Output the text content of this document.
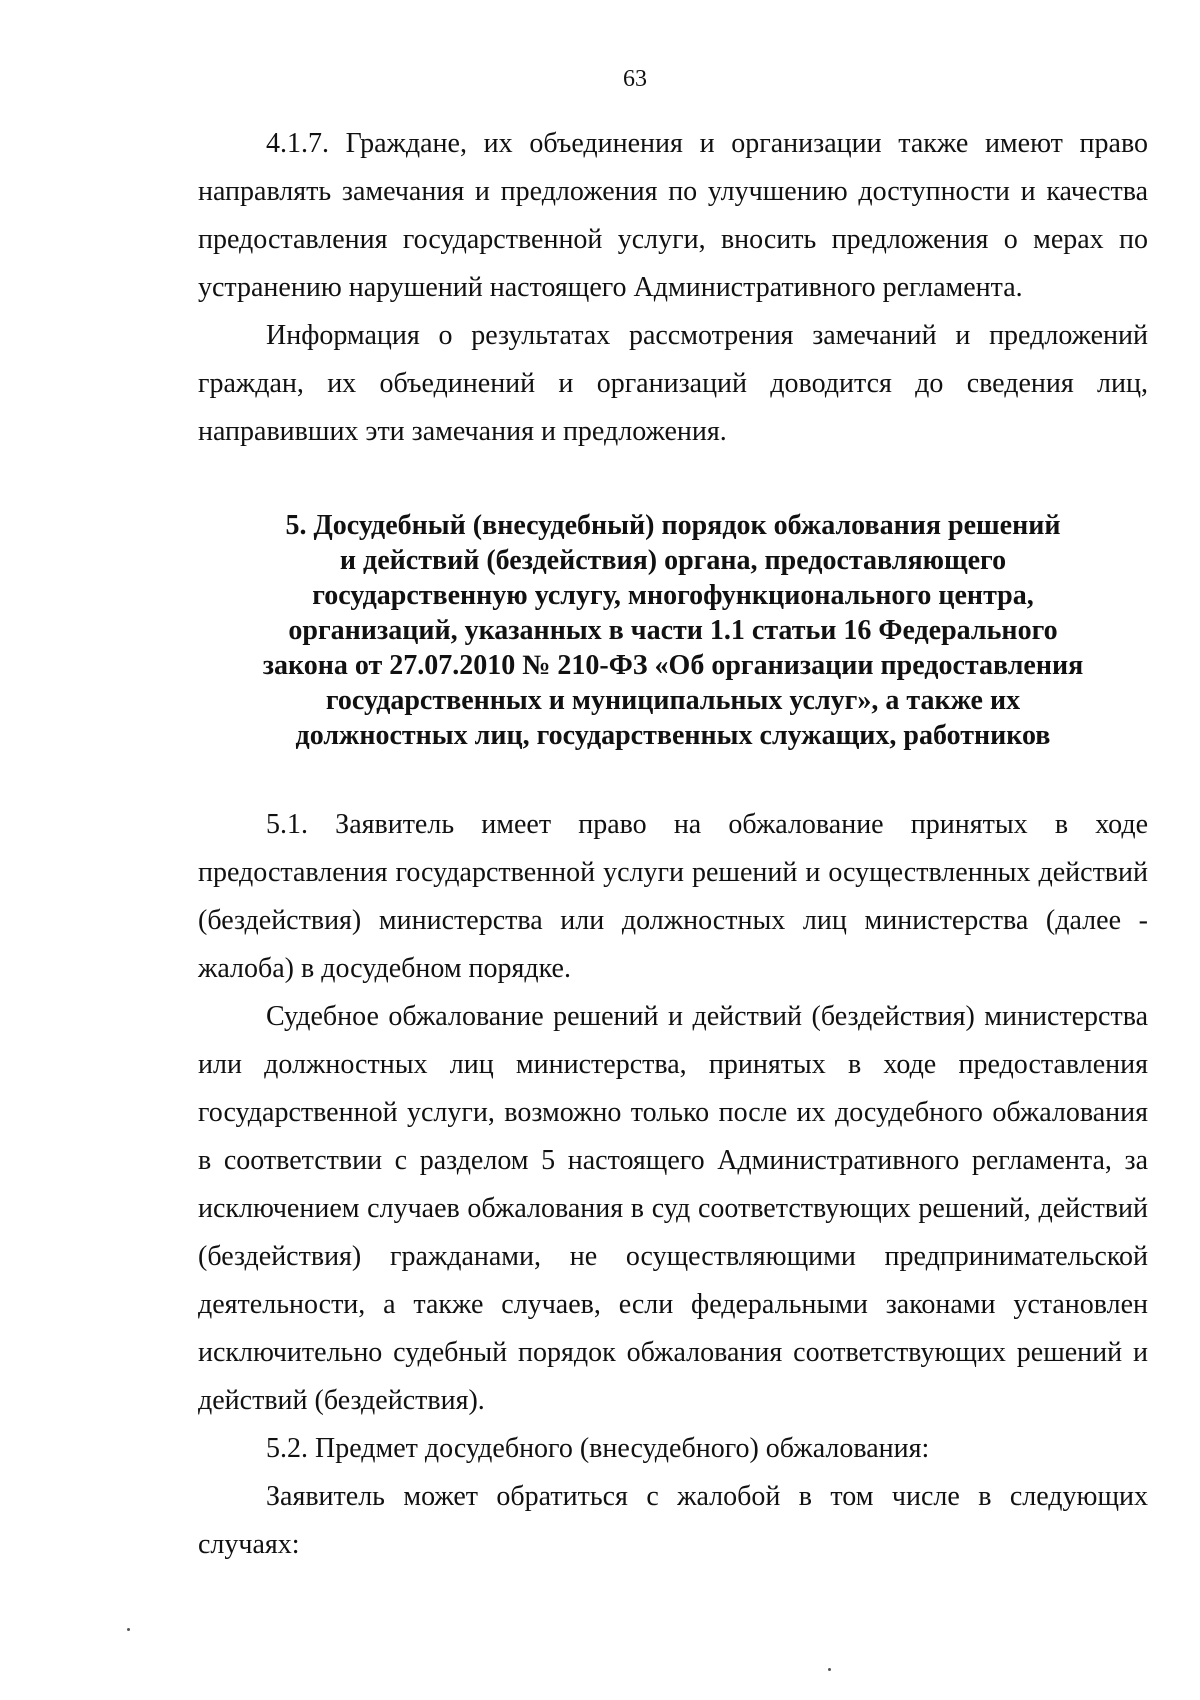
63

4.1.7. Граждане, их объединения и организации также имеют право направлять замечания и предложения по улучшению доступности и качества предоставления государственной услуги, вносить предложения о мерах по устранению нарушений настоящего Административного регламента.

Информация о результатах рассмотрения замечаний и предложений граждан, их объединений и организаций доводится до сведения лиц, направивших эти замечания и предложения.

5. Досудебный (внесудебный) порядок обжалования решений
и действий (бездействия) органа, предоставляющего
государственную услугу, многофункционального центра,
организаций, указанных в части 1.1 статьи 16 Федерального
закона от 27.07.2010 № 210-ФЗ «Об организации предоставления
государственных и муниципальных услуг», а также их
должностных лиц, государственных служащих, работников

5.1. Заявитель имеет право на обжалование принятых в ходе предоставления государственной услуги решений и осуществленных действий (бездействия) министерства или должностных лиц министерства (далее - жалоба) в досудебном порядке.

Судебное обжалование решений и действий (бездействия) министерства или должностных лиц министерства, принятых в ходе предоставления государственной услуги, возможно только после их досудебного обжалования в соответствии с разделом 5 настоящего Административного регламента, за исключением случаев обжалования в суд соответствующих решений, действий (бездействия) гражданами, не осуществляющими предпринимательской деятельности, а также случаев, если федеральными законами установлен исключительно судебный порядок обжалования соответствующих решений и действий (бездействия).

5.2. Предмет досудебного (внесудебного) обжалования:

Заявитель может обратиться с жалобой в том числе в следующих случаях:
